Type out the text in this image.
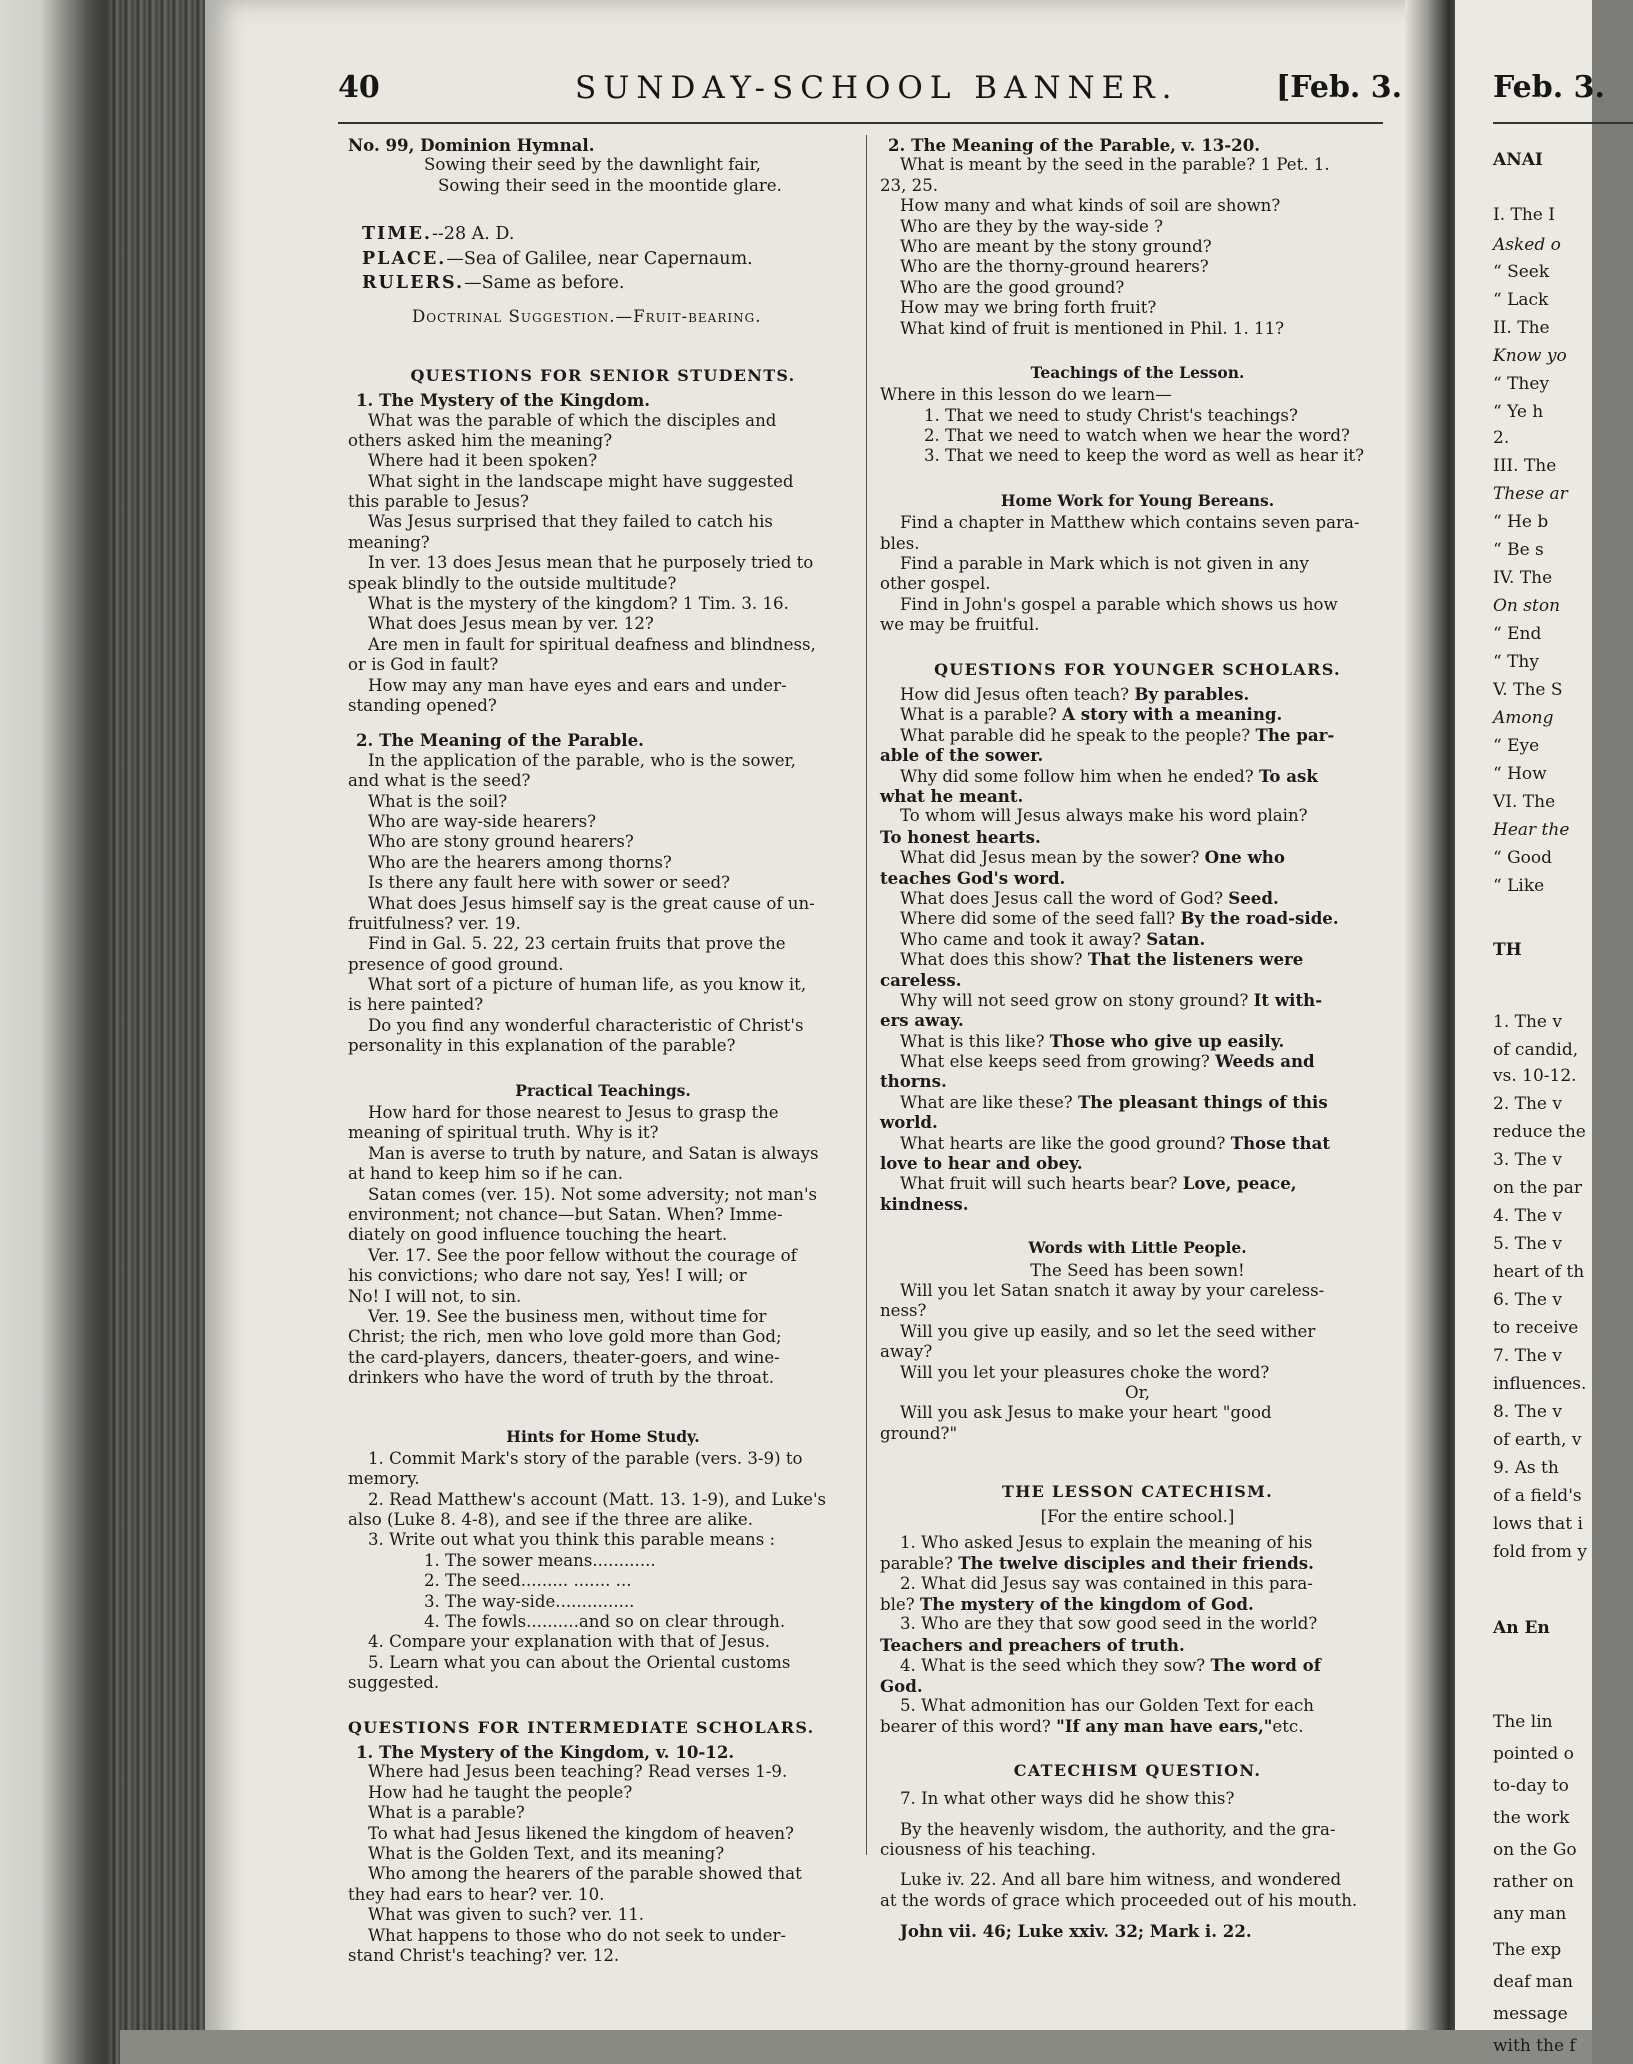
40	SUNDAY-SCHOOL BANNER.	[Feb. 3.
No. 99, Dominion Hymnal.
Sowing their seed by the dawnlight fair,
Sowing their seed in the moontide glare.
TIME.--28 A. D.
PLACE.—Sea of Galilee, near Capernaum.
RULERS.—Same as before.
Doctrinal Suggestion.—Fruit-bearing.
QUESTIONS FOR SENIOR STUDENTS.
1. The Mystery of the Kingdom.
What was the parable of which the disciples and
others asked him the meaning?
Where had it been spoken?
What sight in the landscape might have suggested
this parable to Jesus?
Was Jesus surprised that they failed to catch his
meaning?
In ver. 13 does Jesus mean that he purposely tried to
speak blindly to the outside multitude?
What is the mystery of the kingdom? 1 Tim. 3. 16.
What does Jesus mean by ver. 12?
Are men in fault for spiritual deafness and blindness,
or is God in fault?
How may any man have eyes and ears and under-
standing opened?
2. The Meaning of the Parable.
In the application of the parable, who is the sower,
and what is the seed?
What is the soil?
Who are way-side hearers?
Who are stony ground hearers?
Who are the hearers among thorns?
Is there any fault here with sower or seed?
What does Jesus himself say is the great cause of un-
fruitfulness? ver. 19.
Find in Gal. 5. 22, 23 certain fruits that prove the
presence of good ground.
What sort of a picture of human life, as you know it,
is here painted?
Do you find any wonderful characteristic of Christ's
personality in this explanation of the parable?
Practical Teachings.
How hard for those nearest to Jesus to grasp the
meaning of spiritual truth. Why is it?
Man is averse to truth by nature, and Satan is always
at hand to keep him so if he can.
Satan comes (ver. 15). Not some adversity; not man's
environment; not chance—but Satan. When? Imme-
diately on good influence touching the heart.
Ver. 17. See the poor fellow without the courage of
his convictions; who dare not say, Yes! I will; or
No! I will not, to sin.
Ver. 19. See the business men, without time for
Christ; the rich, men who love gold more than God;
the card-players, dancers, theater-goers, and wine-
drinkers who have the word of truth by the throat.
Hints for Home Study.
1. Commit Mark's story of the parable (vers. 3-9) to
memory.
2. Read Matthew's account (Matt. 13. 1-9), and Luke's
also (Luke 8. 4-8), and see if the three are alike.
3. Write out what you think this parable means :
1. The sower means............
2. The seed......... ....... ...
3. The way-side...............
4. The fowls..........and so on clear through.
4. Compare your explanation with that of Jesus.
5. Learn what you can about the Oriental customs
suggested.
QUESTIONS FOR INTERMEDIATE SCHOLARS.
1. The Mystery of the Kingdom, v. 10-12.
Where had Jesus been teaching? Read verses 1-9.
How had he taught the people?
What is a parable?
To what had Jesus likened the kingdom of heaven?
What is the Golden Text, and its meaning?
Who among the hearers of the parable showed that
they had ears to hear? ver. 10.
What was given to such? ver. 11.
What happens to those who do not seek to under-
stand Christ's teaching? ver. 12.
2. The Meaning of the Parable, v. 13-20.
What is meant by the seed in the parable? 1 Pet. 1.
23, 25.
How many and what kinds of soil are shown?
Who are they by the way-side ?
Who are meant by the stony ground?
Who are the thorny-ground hearers?
Who are the good ground?
How may we bring forth fruit?
What kind of fruit is mentioned in Phil. 1. 11?
Teachings of the Lesson.
Where in this lesson do we learn—
1. That we need to study Christ's teachings?
2. That we need to watch when we hear the word?
3. That we need to keep the word as well as hear it?
Home Work for Young Bereans.
Find a chapter in Matthew which contains seven para-
bles.
Find a parable in Mark which is not given in any
other gospel.
Find in John's gospel a parable which shows us how
we may be fruitful.
QUESTIONS FOR YOUNGER SCHOLARS.
How did Jesus often teach? By parables.
What is a parable? A story with a meaning.
What parable did he speak to the people? The par-
able of the sower.
Why did some follow him when he ended? To ask
what he meant.
To whom will Jesus always make his word plain?
To honest hearts.
What did Jesus mean by the sower? One who
teaches God's word.
What does Jesus call the word of God? Seed.
Where did some of the seed fall? By the road-side.
Who came and took it away? Satan.
What does this show? That the listeners were
careless.
Why will not seed grow on stony ground? It with-
ers away.
What is this like? Those who give up easily.
What else keeps seed from growing? Weeds and
thorns.
What are like these? The pleasant things of this
world.
What hearts are like the good ground? Those that
love to hear and obey.
What fruit will such hearts bear? Love, peace,
kindness.
Words with Little People.
The Seed has been sown!
Will you let Satan snatch it away by your careless-
ness?
Will you give up easily, and so let the seed wither
away?
Will you let your pleasures choke the word?
Or,
Will you ask Jesus to make your heart "good
ground?"
THE LESSON CATECHISM.
[For the entire school.]
1. Who asked Jesus to explain the meaning of his
parable? The twelve disciples and their friends.
2. What did Jesus say was contained in this para-
ble? The mystery of the kingdom of God.
3. Who are they that sow good seed in the world?
Teachers and preachers of truth.
4. What is the seed which they sow? The word of
God.
5. What admonition has our Golden Text for each
bearer of this word? "If any man have ears,"etc.
CATECHISM QUESTION.
7. In what other ways did he show this?
By the heavenly wisdom, the authority, and the gra-
ciousness of his teaching.
Luke iv. 22. And all bare him witness, and wondered
at the words of grace which proceeded out of his mouth.
John vii. 46; Luke xxiv. 32; Mark i. 22.
Feb. 3.
ANAI
I. The I
Asked o
“ Seek
“ Lack
II. The
Know yo
“ They
“ Ye h
2.
III. The
These ar
“ He b
“ Be s
IV. The
On ston
“ End
“ Thy
V. The S
Among
“ Eye
“ How
VI. The
Hear the
“ Good
“ Like
TH
1. The v
of candid,
vs. 10-12.
2. The v
reduce the
3. The v
on the par
4. The v
5. The v
heart of th
6. The v
to receive
7. The v
influences.
8. The v
of earth, v
9. As th
of a field's
lows that i
fold from y
An En
The lin
pointed o
to-day to
the work
on the Go
rather on
any man
The exp
deaf man
message
with the f
